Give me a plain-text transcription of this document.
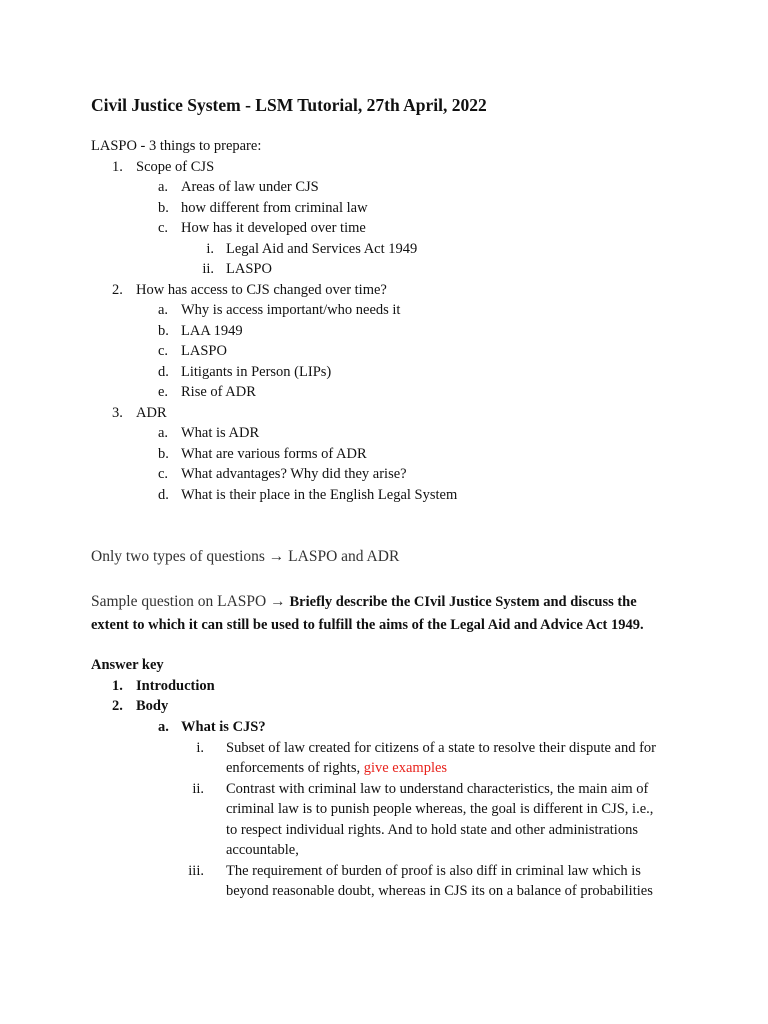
Civil Justice System - LSM Tutorial, 27th April, 2022
LASPO - 3 things to prepare:
1. Scope of CJS
a. Areas of law under CJS
b. how different from criminal law
c. How has it developed over time
i. Legal Aid and Services Act 1949
ii. LASPO
2. How has access to CJS changed over time?
a. Why is access important/who needs it
b. LAA 1949
c. LASPO
d. Litigants in Person (LIPs)
e. Rise of ADR
3. ADR
a. What is ADR
b. What are various forms of ADR
c. What advantages? Why did they arise?
d. What is their place in the English Legal System
Only two types of questions → LASPO and ADR
Sample question on LASPO → Briefly describe the CIvil Justice System and discuss the
extent to which it can still be used to fulfill the aims of the Legal Aid and Advice Act 1949.
Answer key
1. Introduction
2. Body
a. What is CJS?
i. Subset of law created for citizens of a state to resolve their dispute and for
enforcements of rights, give examples
ii. Contrast with criminal law to understand characteristics, the main aim of
criminal law is to punish people whereas, the goal is different in CJS, i.e.,
to respect individual rights. And to hold state and other administrations
accountable,
iii. The requirement of burden of proof is also diff in criminal law which is
beyond reasonable doubt, whereas in CJS its on a balance of probabilities
